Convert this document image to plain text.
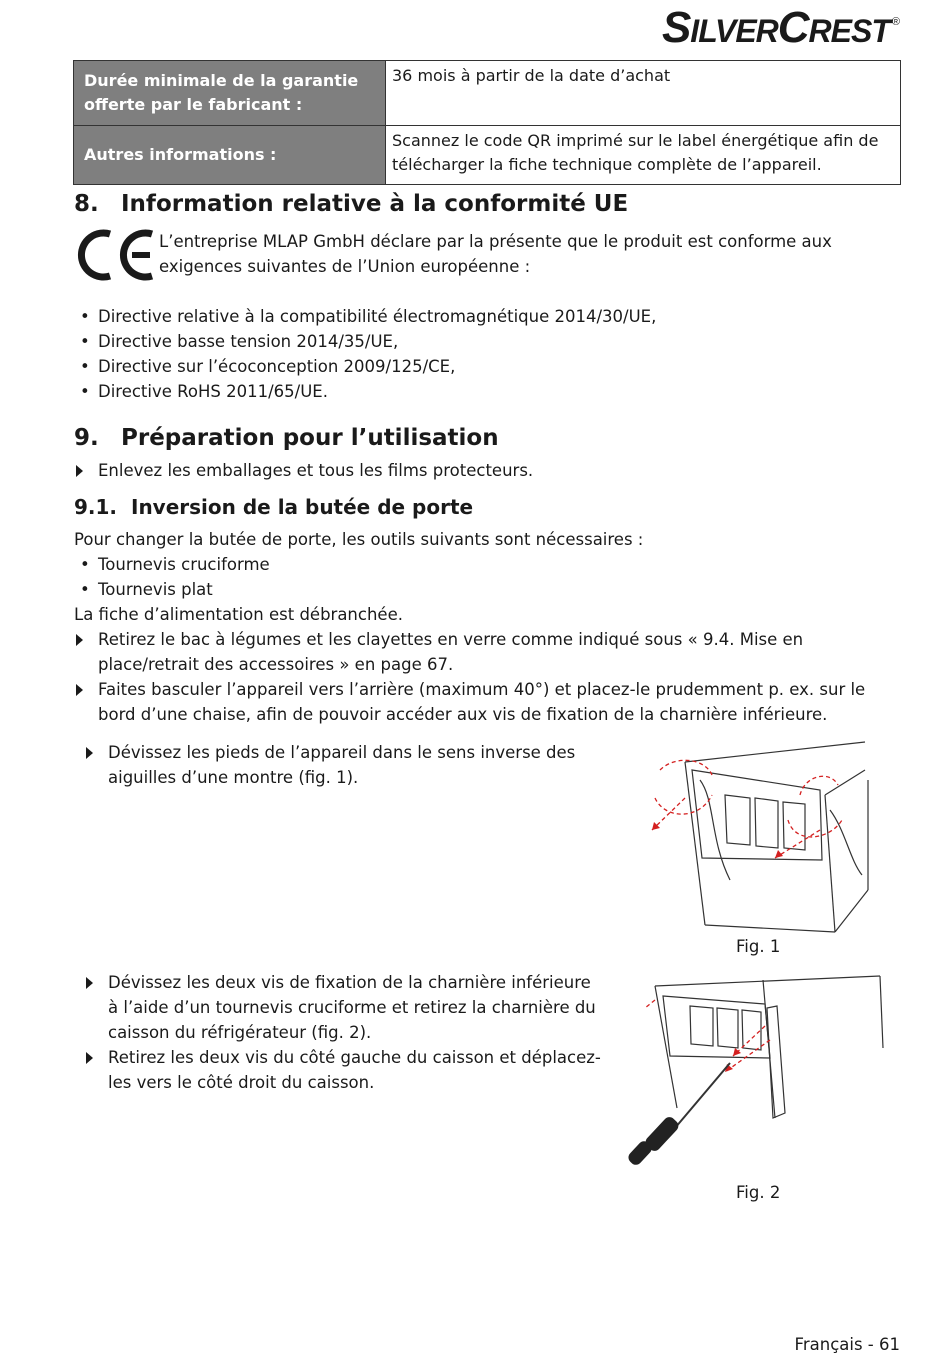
S ILVER C REST ®
Durée minimale de la garantie offerte par le fabricant :	36 mois à partir de la date d’achat
Autres informations :	Scannez le code QR imprimé sur le label énergétique afin de télécharger la fiche technique complète de l’appareil.
8. Information relative à la conformité UE
L’entreprise MLAP GmbH déclare par la présente que le produit est conforme aux exigences suivantes de l’Union européenne :
• Directive relative à la compatibilité électromagnétique 2014/30/UE,
• Directive basse tension 2014/35/UE,
• Directive sur l’écoconception 2009/125/CE,
• Directive RoHS 2011/65/UE.
9. Préparation pour l’utilisation
Enlevez les emballages et tous les films protecteurs.
9.1. Inversion de la butée de porte
Pour changer la butée de porte, les outils suivants sont nécessaires :
• Tournevis cruciforme
• Tournevis plat
La fiche d’alimentation est débranchée.
Retirez le bac à légumes et les clayettes en verre comme indiqué sous « 9.4. Mise en place/retrait des accessoires » en page 67.
Faites basculer l’appareil vers l’arrière (maximum 40°) et placez-le prudemment p. ex. sur le bord d’une chaise, afin de pouvoir accéder aux vis de fixation de la charnière inférieure.
Dévissez les pieds de l’appareil dans le sens inverse des aiguilles d’une montre (fig. 1).
Fig. 1
Dévissez les deux vis de fixation de la charnière inférieure à l’aide d’un tournevis cruciforme et retirez la charnière du caisson du réfrigérateur (fig. 2).
Retirez les deux vis du côté gauche du caisson et déplacez-les vers le côté droit du caisson.
Fig. 2
Français - 61
